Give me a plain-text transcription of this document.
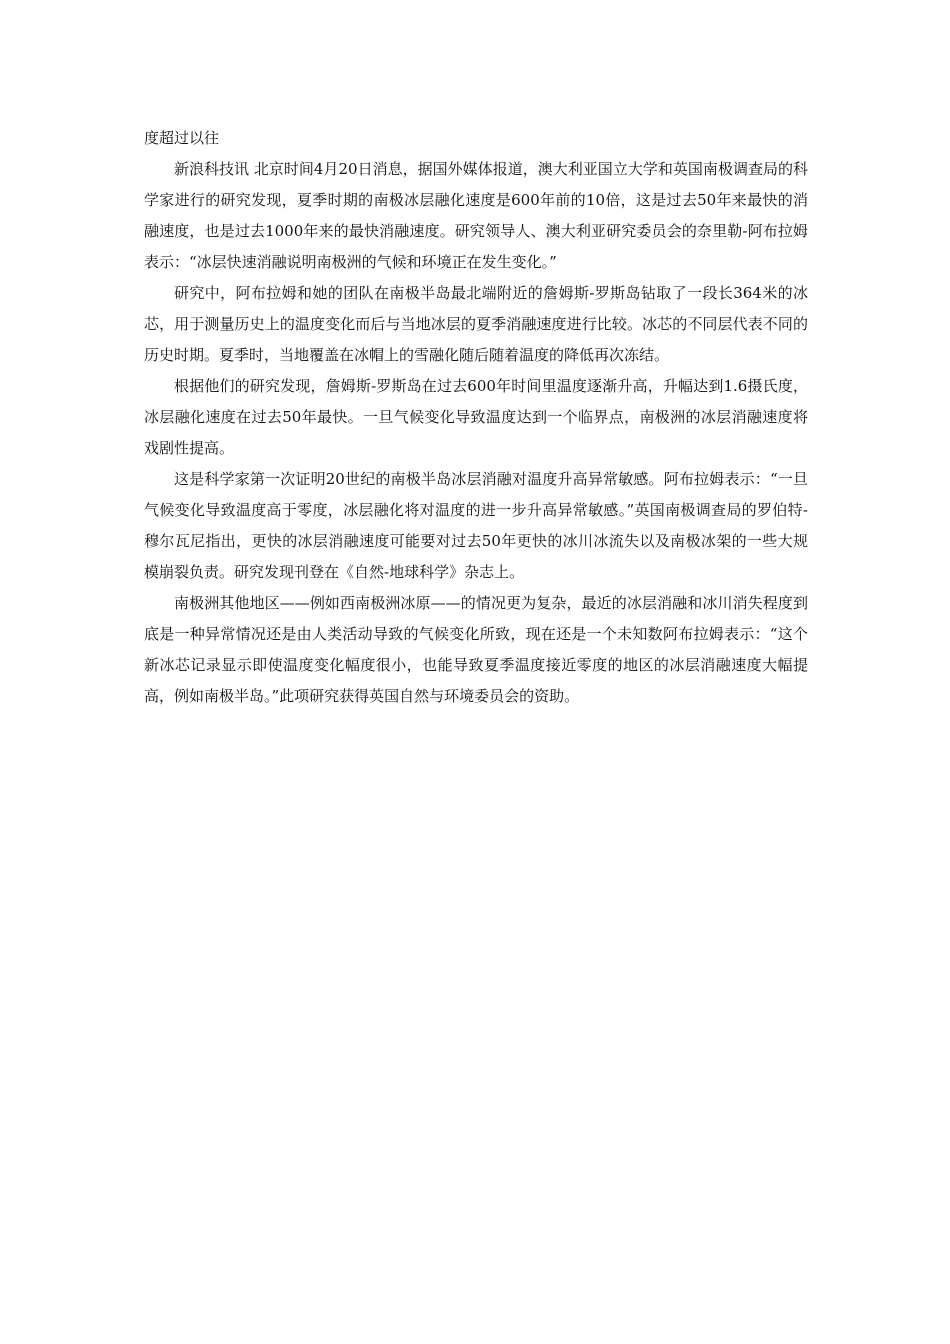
度超过以往

新浪科技讯 北京时间4月20日消息，据国外媒体报道，澳大利亚国立大学和英国南极调查局的科学家进行的研究发现，夏季时期的南极冰层融化速度是600年前的10倍，这是过去50年来最快的消融速度，也是过去1000年来的最快消融速度。研究领导人、澳大利亚研究委员会的奈里勒-阿布拉姆表示：“冰层快速消融说明南极洲的气候和环境正在发生变化。”

研究中，阿布拉姆和她的团队在南极半岛最北端附近的詹姆斯-罗斯岛钻取了一段长364米的冰芯，用于测量历史上的温度变化而后与当地冰层的夏季消融速度进行比较。冰芯的不同层代表不同的历史时期。夏季时，当地覆盖在冰帽上的雪融化随后随着温度的降低再次冻结。

根据他们的研究发现，詹姆斯-罗斯岛在过去600年时间里温度逐渐升高，升幅达到1.6摄氏度，冰层融化速度在过去50年最快。一旦气候变化导致温度达到一个临界点，南极洲的冰层消融速度将戏剧性提高。

这是科学家第一次证明20世纪的南极半岛冰层消融对温度升高异常敏感。阿布拉姆表示：“一旦气候变化导致温度高于零度，冰层融化将对温度的进一步升高异常敏感。”英国南极调查局的罗伯特-穆尔瓦尼指出，更快的冰层消融速度可能要对过去50年更快的冰川冰流失以及南极冰架的一些大规模崩裂负责。研究发现刊登在《自然-地球科学》杂志上。

南极洲其他地区——例如西南极洲冰原——的情况更为复杂，最近的冰层消融和冰川消失程度到底是一种异常情况还是由人类活动导致的气候变化所致，现在还是一个未知数阿布拉姆表示：“这个新冰芯记录显示即使温度变化幅度很小，也能导致夏季温度接近零度的地区的冰层消融速度大幅提高，例如南极半岛。”此项研究获得英国自然与环境委员会的资助。
